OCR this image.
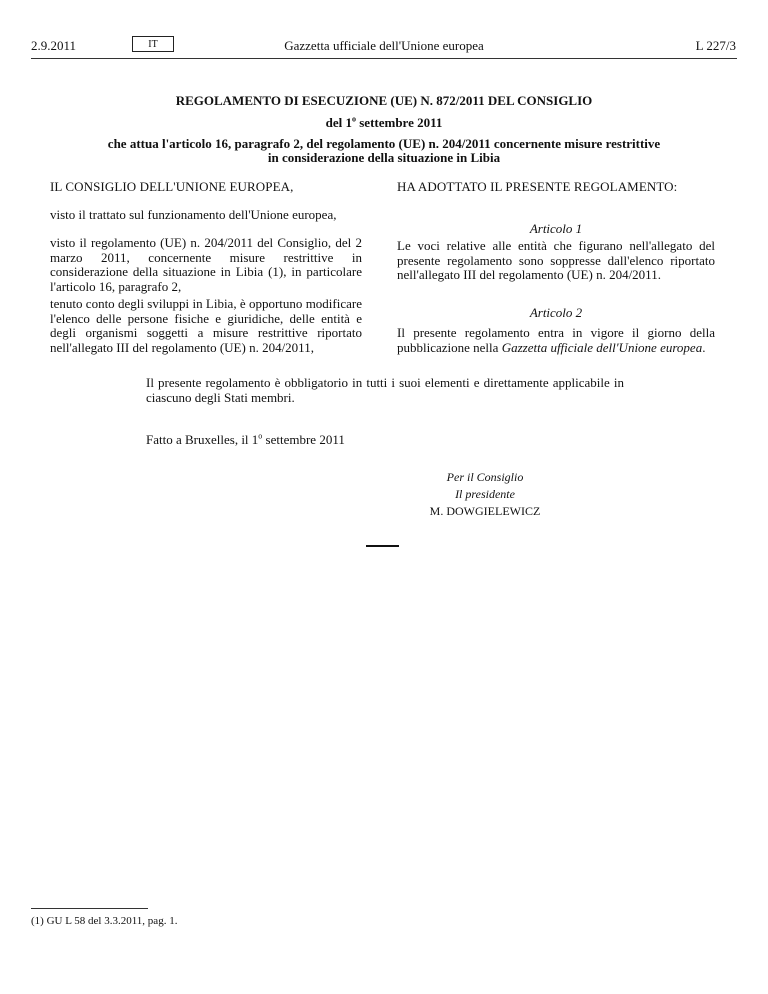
2.9.2011	IT	Gazzetta ufficiale dell'Unione europea	L 227/3
REGOLAMENTO DI ESECUZIONE (UE) N. 872/2011 DEL CONSIGLIO
del 1$^o$ settembre 2011
che attua l'articolo 16, paragrafo 2, del regolamento (UE) n. 204/2011 concernente misure restrittive
in considerazione della situazione in Libia
IL CONSIGLIO DELL'UNIONE EUROPEA,
visto il trattato sul funzionamento dell'Unione europea,
visto il regolamento (UE) n. 204/2011 del Consiglio, del 2 marzo 2011, concernente misure restrittive in considerazione della situazione in Libia (1), in particolare l'articolo 16, paragrafo 2,
tenuto conto degli sviluppi in Libia, è opportuno modificare l'elenco delle persone fisiche e giuridiche, delle entità e degli organismi soggetti a misure restrittive riportato nell'allegato III del regolamento (UE) n. 204/2011,
HA ADOTTATO IL PRESENTE REGOLAMENTO:
Articolo 1
Le voci relative alle entità che figurano nell'allegato del presente regolamento sono soppresse dall'elenco riportato nell'allegato III del regolamento (UE) n. 204/2011.
Articolo 2
Il presente regolamento entra in vigore il giorno della pubblicazione nella Gazzetta ufficiale dell'Unione europea.
Il presente regolamento è obbligatorio in tutti i suoi elementi e direttamente applicabile in ciascuno degli Stati membri.
Fatto a Bruxelles, il 1$^o$ settembre 2011
Per il Consiglio
Il presidente
M. DOWGIELEWICZ
(1) GU L 58 del 3.3.2011, pag. 1.
